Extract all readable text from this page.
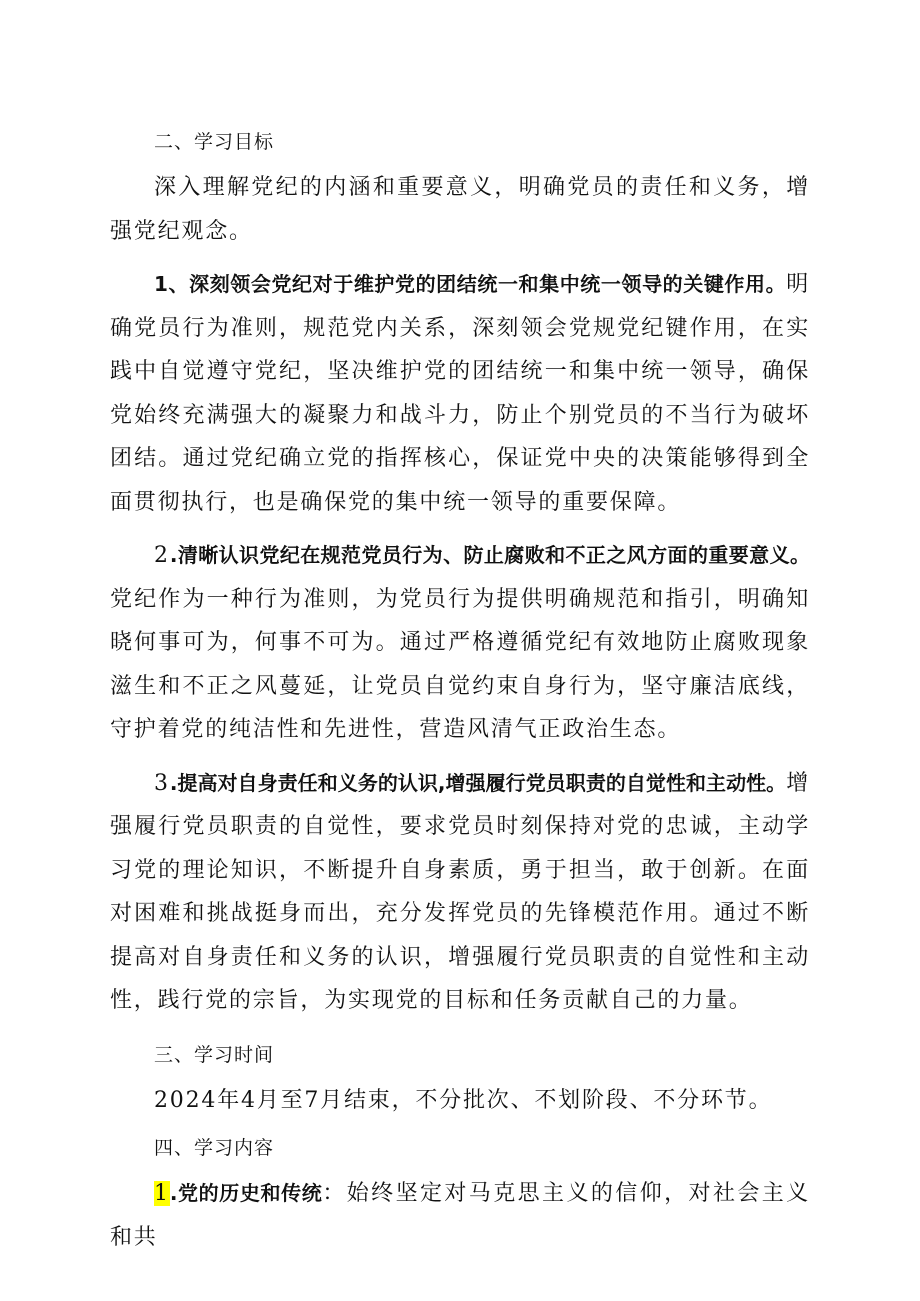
二、学习目标

深入理解党纪的内涵和重要意义，明确党员的责任和义务，增强党纪观念。

1、深刻领会党纪对于维护党的团结统一和集中统一领导的关键作用。明确党员行为准则，规范党内关系，深刻领会党规党纪键作用，在实践中自觉遵守党纪，坚决维护党的团结统一和集中统一领导，确保党始终充满强大的凝聚力和战斗力，防止个别党员的不当行为破坏团结。通过党纪确立党的指挥核心，保证党中央的决策能够得到全面贯彻执行，也是确保党的集中统一领导的重要保障。

2.清晰认识党纪在规范党员行为、防止腐败和不正之风方面的重要意义。党纪作为一种行为准则，为党员行为提供明确规范和指引，明确知晓何事可为，何事不可为。通过严格遵循党纪有效地防止腐败现象滋生和不正之风蔓延，让党员自觉约束自身行为，坚守廉洁底线，守护着党的纯洁性和先进性，营造风清气正政治生态。

3.提高对自身责任和义务的认识,增强履行党员职责的自觉性和主动性。增强履行党员职责的自觉性，要求党员时刻保持对党的忠诚，主动学习党的理论知识，不断提升自身素质，勇于担当，敢于创新。在面对困难和挑战挺身而出，充分发挥党员的先锋模范作用。通过不断提高对自身责任和义务的认识，增强履行党员职责的自觉性和主动性，践行党的宗旨，为实现党的目标和任务贡献自己的力量。

三、学习时间

2024年4月至7月结束，不分批次、不划阶段、不分环节。

四、学习内容

1.党的历史和传统：始终坚定对马克思主义的信仰，对社会主义和共
